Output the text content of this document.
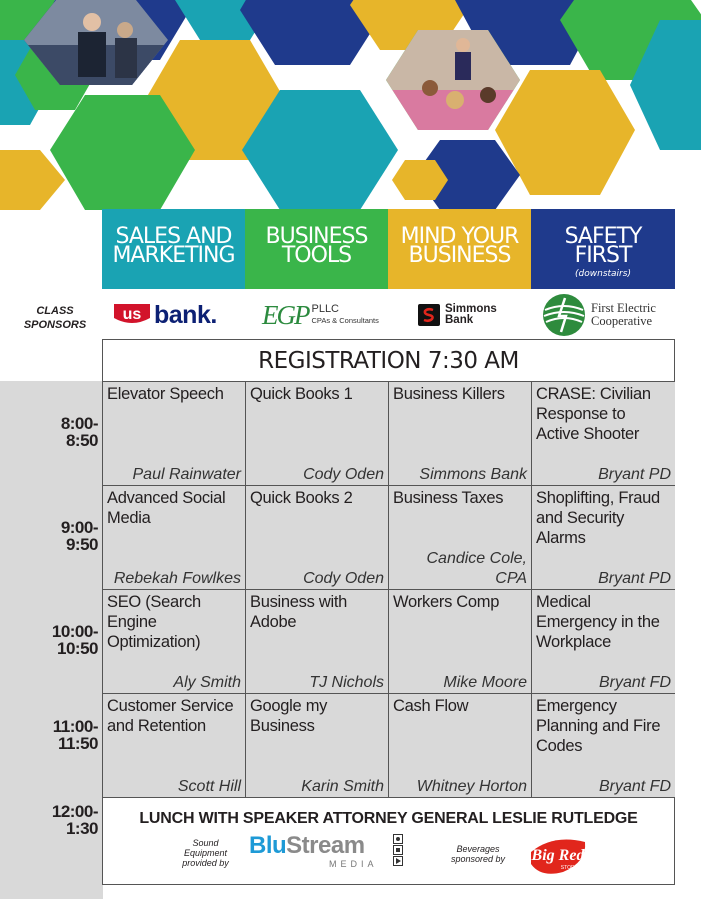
SALES AND
MARKETING
BUSINESS
TOOLS
MIND YOUR
BUSINESS
SAFETY
FIRST
(downstairs)
CLASS
SPONSORS
us bank. EGP PLLC
CPAs & Consultants
Simmons
Bank
First Electric
Cooperative
REGISTRATION 7:30 AM
8:00-
8:50
9:00-
9:50
10:00-
10:50
11:00-
11:50
12:00-
1:30
Elevator Speech
Paul Rainwater
Quick Books 1
Cody Oden
Business Killers
Simmons Bank
CRASE: Civilian Response to Active Shooter
Bryant PD
Advanced Social Media
Rebekah Fowlkes
Quick Books 2
Cody Oden
Business Taxes
Candice Cole, CPA
Shoplifting, Fraud and Security Alarms
Bryant PD
SEO (Search Engine Optimization)
Aly Smith
Business with Adobe
TJ Nichols
Workers Comp
Mike Moore
Medical Emergency in the Workplace
Bryant FD
Customer Service and Retention
Scott Hill
Google my Business
Karin Smith
Cash Flow
Whitney Horton
Emergency Planning and Fire Codes
Bryant FD
LUNCH WITH SPEAKER ATTORNEY GENERAL LESLIE RUTLEDGE
Sound
Equipment
provided by
BluStream
MEDIA
Beverages
sponsored by	Big Red
STORES
